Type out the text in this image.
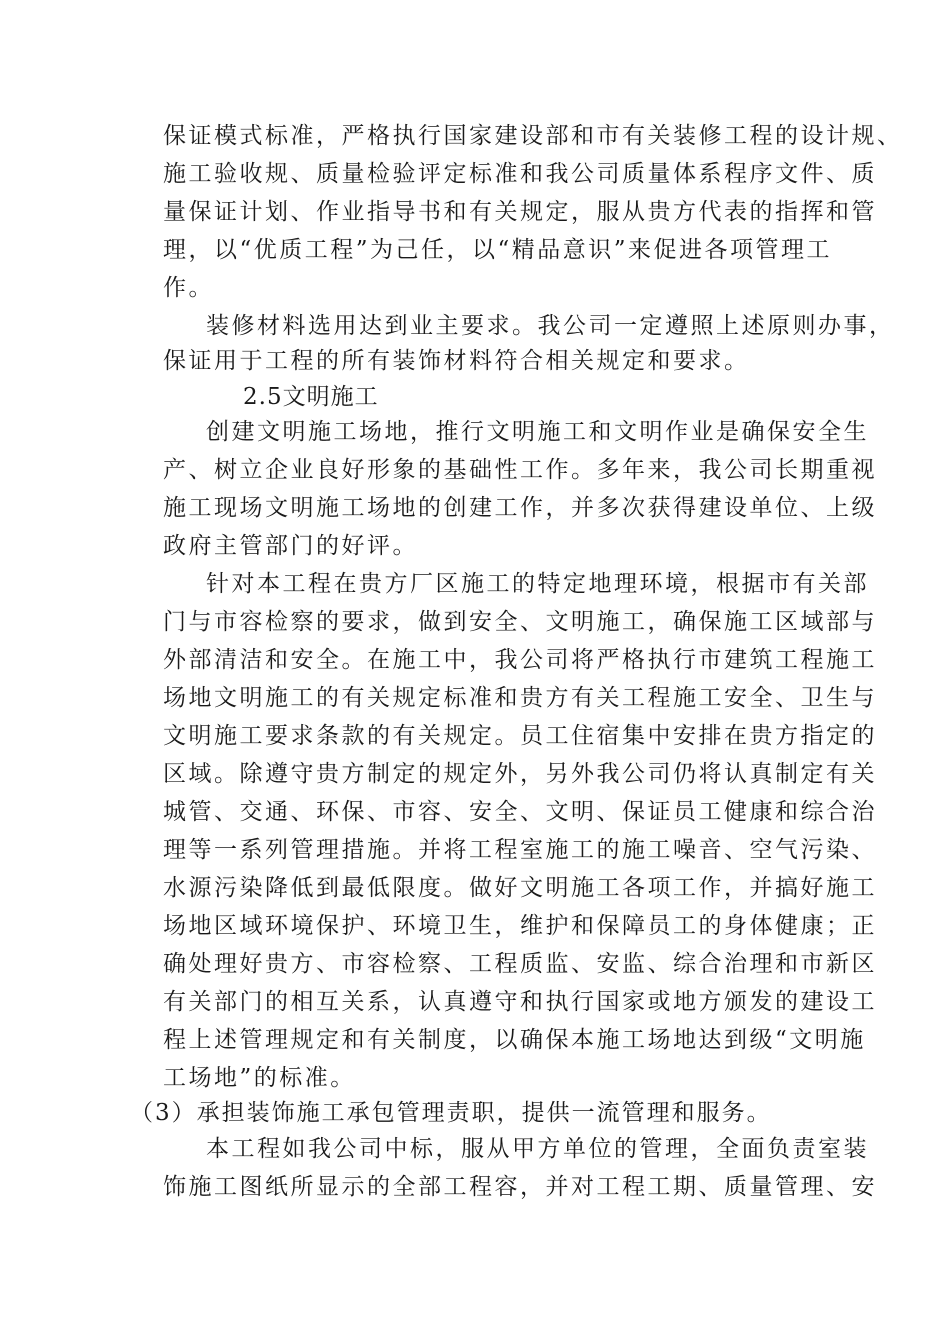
保证模式标准，严格执行国家建设部和市有关装修工程的设计规、
施工验收规、质量检验评定标准和我公司质量体系程序文件、质
量保证计划、作业指导书和有关规定，服从贵方代表的指挥和管
理，以“优质工程”为己任，以“精品意识”来促进各项管理工
作。
装修材料选用达到业主要求。我公司一定遵照上述原则办事，
保证用于工程的所有装饰材料符合相关规定和要求。
2.5文明施工
创建文明施工场地，推行文明施工和文明作业是确保安全生
产、树立企业良好形象的基础性工作。多年来，我公司长期重视
施工现场文明施工场地的创建工作，并多次获得建设单位、上级
政府主管部门的好评。
针对本工程在贵方厂区施工的特定地理环境，根据市有关部
门与市容检察的要求，做到安全、文明施工，确保施工区域部与
外部清洁和安全。在施工中，我公司将严格执行市建筑工程施工
场地文明施工的有关规定标准和贵方有关工程施工安全、卫生与
文明施工要求条款的有关规定。员工住宿集中安排在贵方指定的
区域。除遵守贵方制定的规定外，另外我公司仍将认真制定有关
城管、交通、环保、市容、安全、文明、保证员工健康和综合治
理等一系列管理措施。并将工程室施工的施工噪音、空气污染、
水源污染降低到最低限度。做好文明施工各项工作，并搞好施工
场地区域环境保护、环境卫生，维护和保障员工的身体健康；正
确处理好贵方、市容检察、工程质监、安监、综合治理和市新区
有关部门的相互关系，认真遵守和执行国家或地方颁发的建设工
程上述管理规定和有关制度，以确保本施工场地达到级“文明施
工场地”的标准。
（3）承担装饰施工承包管理责职，提供一流管理和服务。
本工程如我公司中标，服从甲方单位的管理，全面负责室装
饰施工图纸所显示的全部工程容，并对工程工期、质量管理、安
